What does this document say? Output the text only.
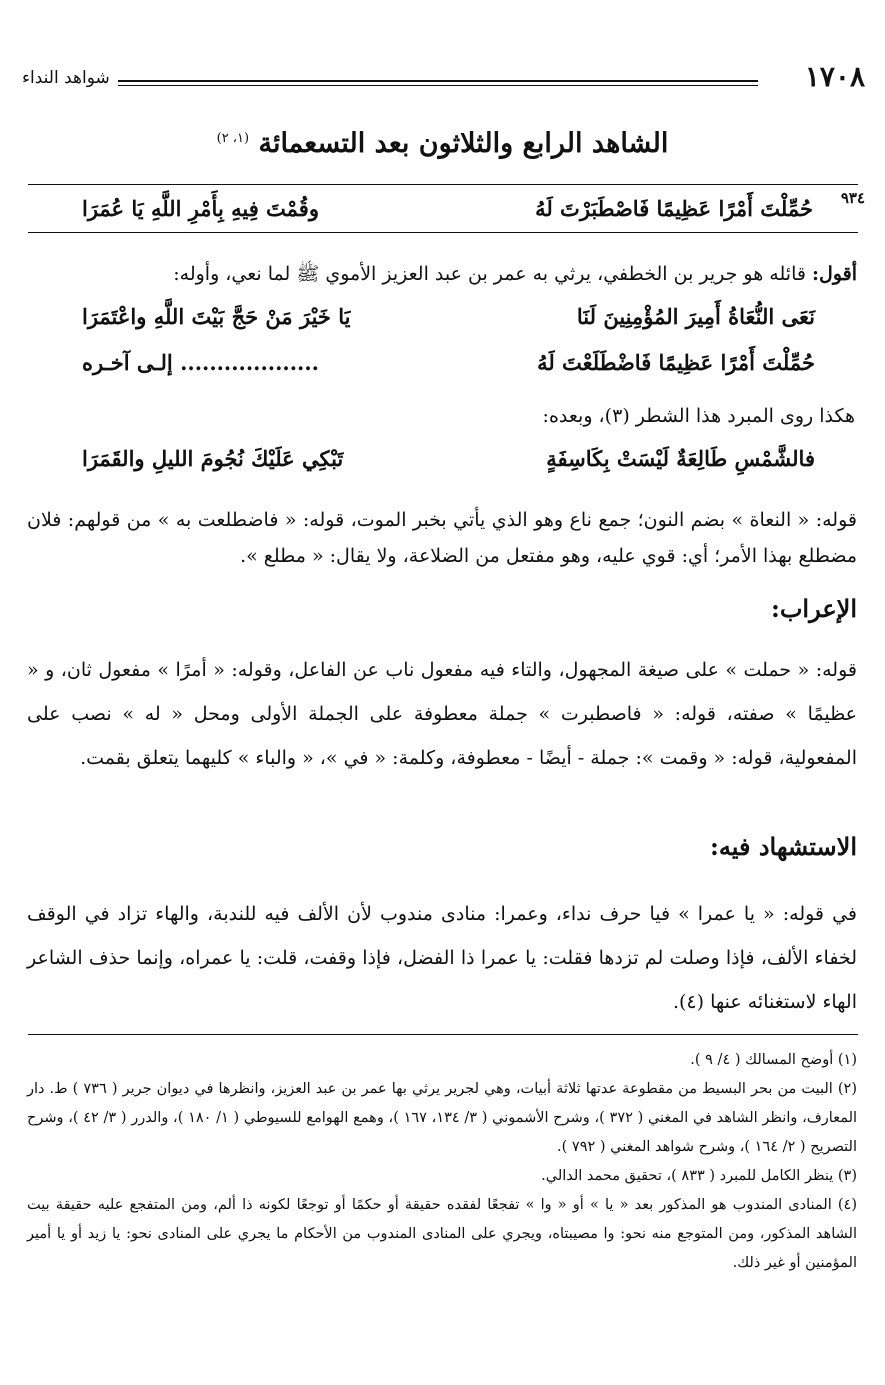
١٧٠٨
شواهد النداء
الشاهد الرابع والثلاثون بعد التسعمائة $^{(١، ٢)}$
٩٣٤
حُمِّلْتَ أَمْرًا عَظِيمًا فَاصْطَبَرْتَ لَهُ
وقُمْتَ فِيهِ بِأَمْرِ اللَّهِ يَا عُمَرَا
أقول: قائله هو جرير بن الخطفي، يرثي به عمر بن عبد العزيز الأموي ﷺ لما نعي، وأوله:
نَعَى النُّعَاةُ أَمِيرَ المُؤْمِنِينَ لَنَا
يَا خَيْرَ مَنْ حَجَّ بَيْتَ اللَّهِ واعْتَمَرَا
حُمِّلْتَ أَمْرًا عَظِيمًا فَاضْطَلَعْتَ لَهُ
................... إلـى آخـره
هكذا روى المبرد هذا الشطر (٣)، وبعده:
فالشَّمْسِ طَالِعَةٌ لَيْسَتْ بِكَاسِفَةٍ
تَبْكِي عَلَيْكَ نُجُومَ الليلِ والقَمَرَا
قوله: « النعاة » بضم النون؛ جمع ناع وهو الذي يأتي بخبر الموت، قوله: « فاضطلعت به » من قولهم: فلان مضطلع بهذا الأمر؛ أي: قوي عليه، وهو مفتعل من الضلاعة، ولا يقال: « مطلع ».
الإعراب:
قوله: « حملت » على صيغة المجهول، والتاء فيه مفعول ناب عن الفاعل، وقوله: « أمرًا » مفعول ثان، و « عظيمًا » صفته، قوله: « فاصطبرت » جملة معطوفة على الجملة الأولى ومحل « له » نصب على المفعولية، قوله: « وقمت »: جملة - أيضًا - معطوفة، وكلمة: « في »، « والباء » كليهما يتعلق بقمت.
الاستشهاد فيه:
في قوله: « يا عمرا » فيا حرف نداء، وعمرا: منادى مندوب لأن الألف فيه للندبة، والهاء تزاد في الوقف لخفاء الألف، فإذا وصلت لم تزدها فقلت: يا عمرا ذا الفضل، فإذا وقفت، قلت: يا عمراه، وإنما حذف الشاعر الهاء لاستغنائه عنها (٤).
(١) أوضح المسالك ( ٤/ ٩ ).
(٢) البيت من بحر البسيط من مقطوعة عدتها ثلاثة أبيات، وهي لجرير يرثي بها عمر بن عبد العزيز، وانظرها في ديوان جرير ( ٧٣٦ ) ط. دار المعارف، وانظر الشاهد في المغني ( ٣٧٢ )، وشرح الأشموني ( ٣/ ١٣٤، ١٦٧ )، وهمع الهوامع للسيوطي ( ١/ ١٨٠ )، والدرر ( ٣/ ٤٢ )، وشرح التصريح ( ٢/ ١٦٤ )، وشرح شواهد المغني ( ٧٩٢ ).
(٣) ينظر الكامل للمبرد ( ٨٣٣ )، تحقيق محمد الدالي.
(٤) المنادى المندوب هو المذكور بعد « يا » أو « وا » تفجعًا لفقده حقيقة أو حكمًا أو توجعًا لكونه ذا ألم، ومن المتفجع عليه حقيقة بيت الشاهد المذكور، ومن المتوجع منه نحو: وا مصيبتاه، ويجري على المنادى المندوب من الأحكام ما يجري على المنادى نحو: يا زيد أو يا أمير المؤمنين أو غير ذلك.
